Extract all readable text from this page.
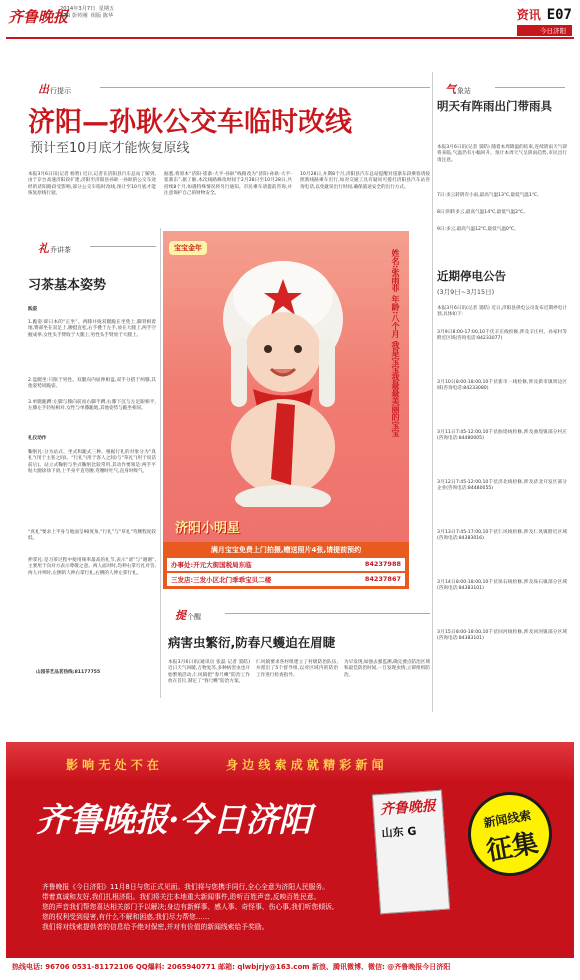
齐鲁晚报
2014年3月7日 星期五
编辑 彭传刚 组版 陈华	资讯 E07
今日济阳
出行提示
济阳—孙耿公交车临时改线
预计至10月底才能恢复原线
本报3月6日讯(记者 杨智) 近日,记者在济阳县汽车总站了解到,由于京台高速济阳段扩建,济阳至济阳县孙耿一孙耿的公交车途经的济阳路段受影响,部分公交车临时改线,预计至10月底才能恢复原线行驶。
据悉,将原本“济阳-崔寨-大平-孙耿”线路改为“济阳-孙耿-大平-崔寨东”,据了解,本次线路修改时间于2月28日至10月28日,共持续8个月,如遇特殊情况将另行通知。市民乘车请提前咨询,并注意保护自己的财物安全。
10月28日,并期8个月,济阳县汽车总站提醒对崖寨东段乘客请按照新线路乘车出行,如对交通工具有疑问可拨打济阳县汽车站咨询电话,以免耽误出行时间,确保旅途安全的出行方式。
礼乔讲茶
习茶基本姿势
践姿
1.跪姿:即日本的“正坐”。两膝并拢双腿跪在坐垫上,脚背相着地,臀部坐在双足上,腰挺直松,右手叠于左手,放在大腿上,两手空握成拳,女性头手臂收于大腿上,男性头手臂放于大腿上。
2.盘腿坐:只限于男性。双腿向内屈伸相盘,双手分搭于两膝,其他姿势同跪姿。
3.单腿跪蹲:左脚与膝向前而右脚半蹲,右膝下沉与左足跟相平,左膝左手轻贴相对,女性与单膝跪地,其他姿势与跪坐相同。
礼仪动作
鞠躬礼:分为站式、坐式和跪式三种。根据行礼的对象分为“真礼”(用于主客之间)、“行礼”(用于客人之间)与“草礼”(用于说话前后)。站立式鞠躬与坐式鞠躬比较常用,其动作要领是:两手平贴大腿徐徐下滑,上半身平直弯腰,弯腰时吐气,直身时吸气。
“真礼”要求上半身与地面呈90度角,“行礼”与“草礼”弯腰程度较低。
伸掌礼:是习茶过程中使用频率最高的礼节,表示“请”与“谢谢”,主要用于向对方表示尊敬之意。两人面对时,均伸右掌行礼对答,两人并列时,左侧的人伸右掌行礼,右侧的人伸左掌行礼。
山园茶艺品茗热线:81177755
宝宝金年
姓名:张雨菲 年龄:八个月 我是宝宝我最最美丽的宝宝
济阳小明星
满月宝宝免费上门拍摄,赠送照片4张,请提前预约
办事处:开元大街国税局东临	84237988
三发店:三发小区北门乖乖宝贝二楼	84237867
提个醒
病害虫繁衍,防春尺蠖迫在眉睫
本报3月6日讯(通讯员 张磊 记者 窦皓)近日天气回暖,万物复苏,多种病害虫也开始繁殖活动,仁风镇把“春尺蠖”防治工作放在首位,制定了“春尺蠖”防治方案。
仁风镇要求各村组建立了村级防治队伍,并派出了5个督导组,以对区域内的防治工作进行检查指导。
为早发现,如强去强监测,确完要点防治区域和最佳防治时间,一旦发现虫情,立即组织防治。
气象站
明天有阵雨出门带雨具
本报3月6日讯(记者 窦皓) 随着本周降温的结束,连续阴雨天气即将来临,气温仍有小幅回升。预计本周天气呈阴雨趋势,市民出行请注意。
7日:多云转阴有小雨,最高气温13℃,最低气温1℃。
8日:阴转多云,最高气温14℃,最低气温2℃。
9日:多云,最高气温12℃,最低气温0℃。
近期停电公告
(3月9日~3月15日)
本报3月6日讯(记者 窦皓) 近日,济阳县供电公司发布近期停电计划,具体如下:
3月9日8:00-17:00,10千伏辛庄线检修,涉及辛庄村、孙家村等附近区域(咨询电话:84233077)
3月10日8:00-18:00,10千伏新市一线检修,涉及新市镇周边区域(咨询电话:84233080)
3月11日7:45-12:00,10千伏曲堤线检修,涉及曲堤镇部分村庄(咨询电话:84480005)
3月12日7:45-12:00,10千伏济北线检修,涉及济北开发区部分企业(咨询电话:84480055)
3月13日7:45-17:00,10千伏仁风线检修,涉及仁风镇附近区域(咨询电话:84383016)
3月14日8:00-18:00,10千伏垛石线检修,涉及垛石镇部分区域(咨询电话:84383101)
3月15日8:00-18:00,10千伏回河线检修,涉及回河镇部分区域(咨询电话:84383101)
影 响 无 处 不 在	身 边 线 索 成 就 精 彩 新 闻
齐鲁晚报·今日济阳	齐鲁晚报
山东 G
新闻线索
征集
齐鲁晚报《今日济阳》11月8日与您正式见面。我们将与您携手同行,全心全意为济阳人民服务。
带着真诚和友好,我们扎根济阳。我们将关注本地重大新闻事件,聆听百姓声音,反映百姓民意。
您的声音我们帮您喜达相关部门予以解决;身边有新鲜事、感人事、奇怪事、伤心事,我们听您倾诉,
您的权利受到侵害,有什么不解和困惑,我们尽力帮您……
我们将对线索提供者的信息给予绝对保密,并对有价值的新闻线索给予奖励。
热线电话: 96706 0531-81172106 QQ爆料: 2065940771 邮箱: qlwbjrjy@163.com 新浪、腾讯微博、微信: @齐鲁晚报今日济阳
